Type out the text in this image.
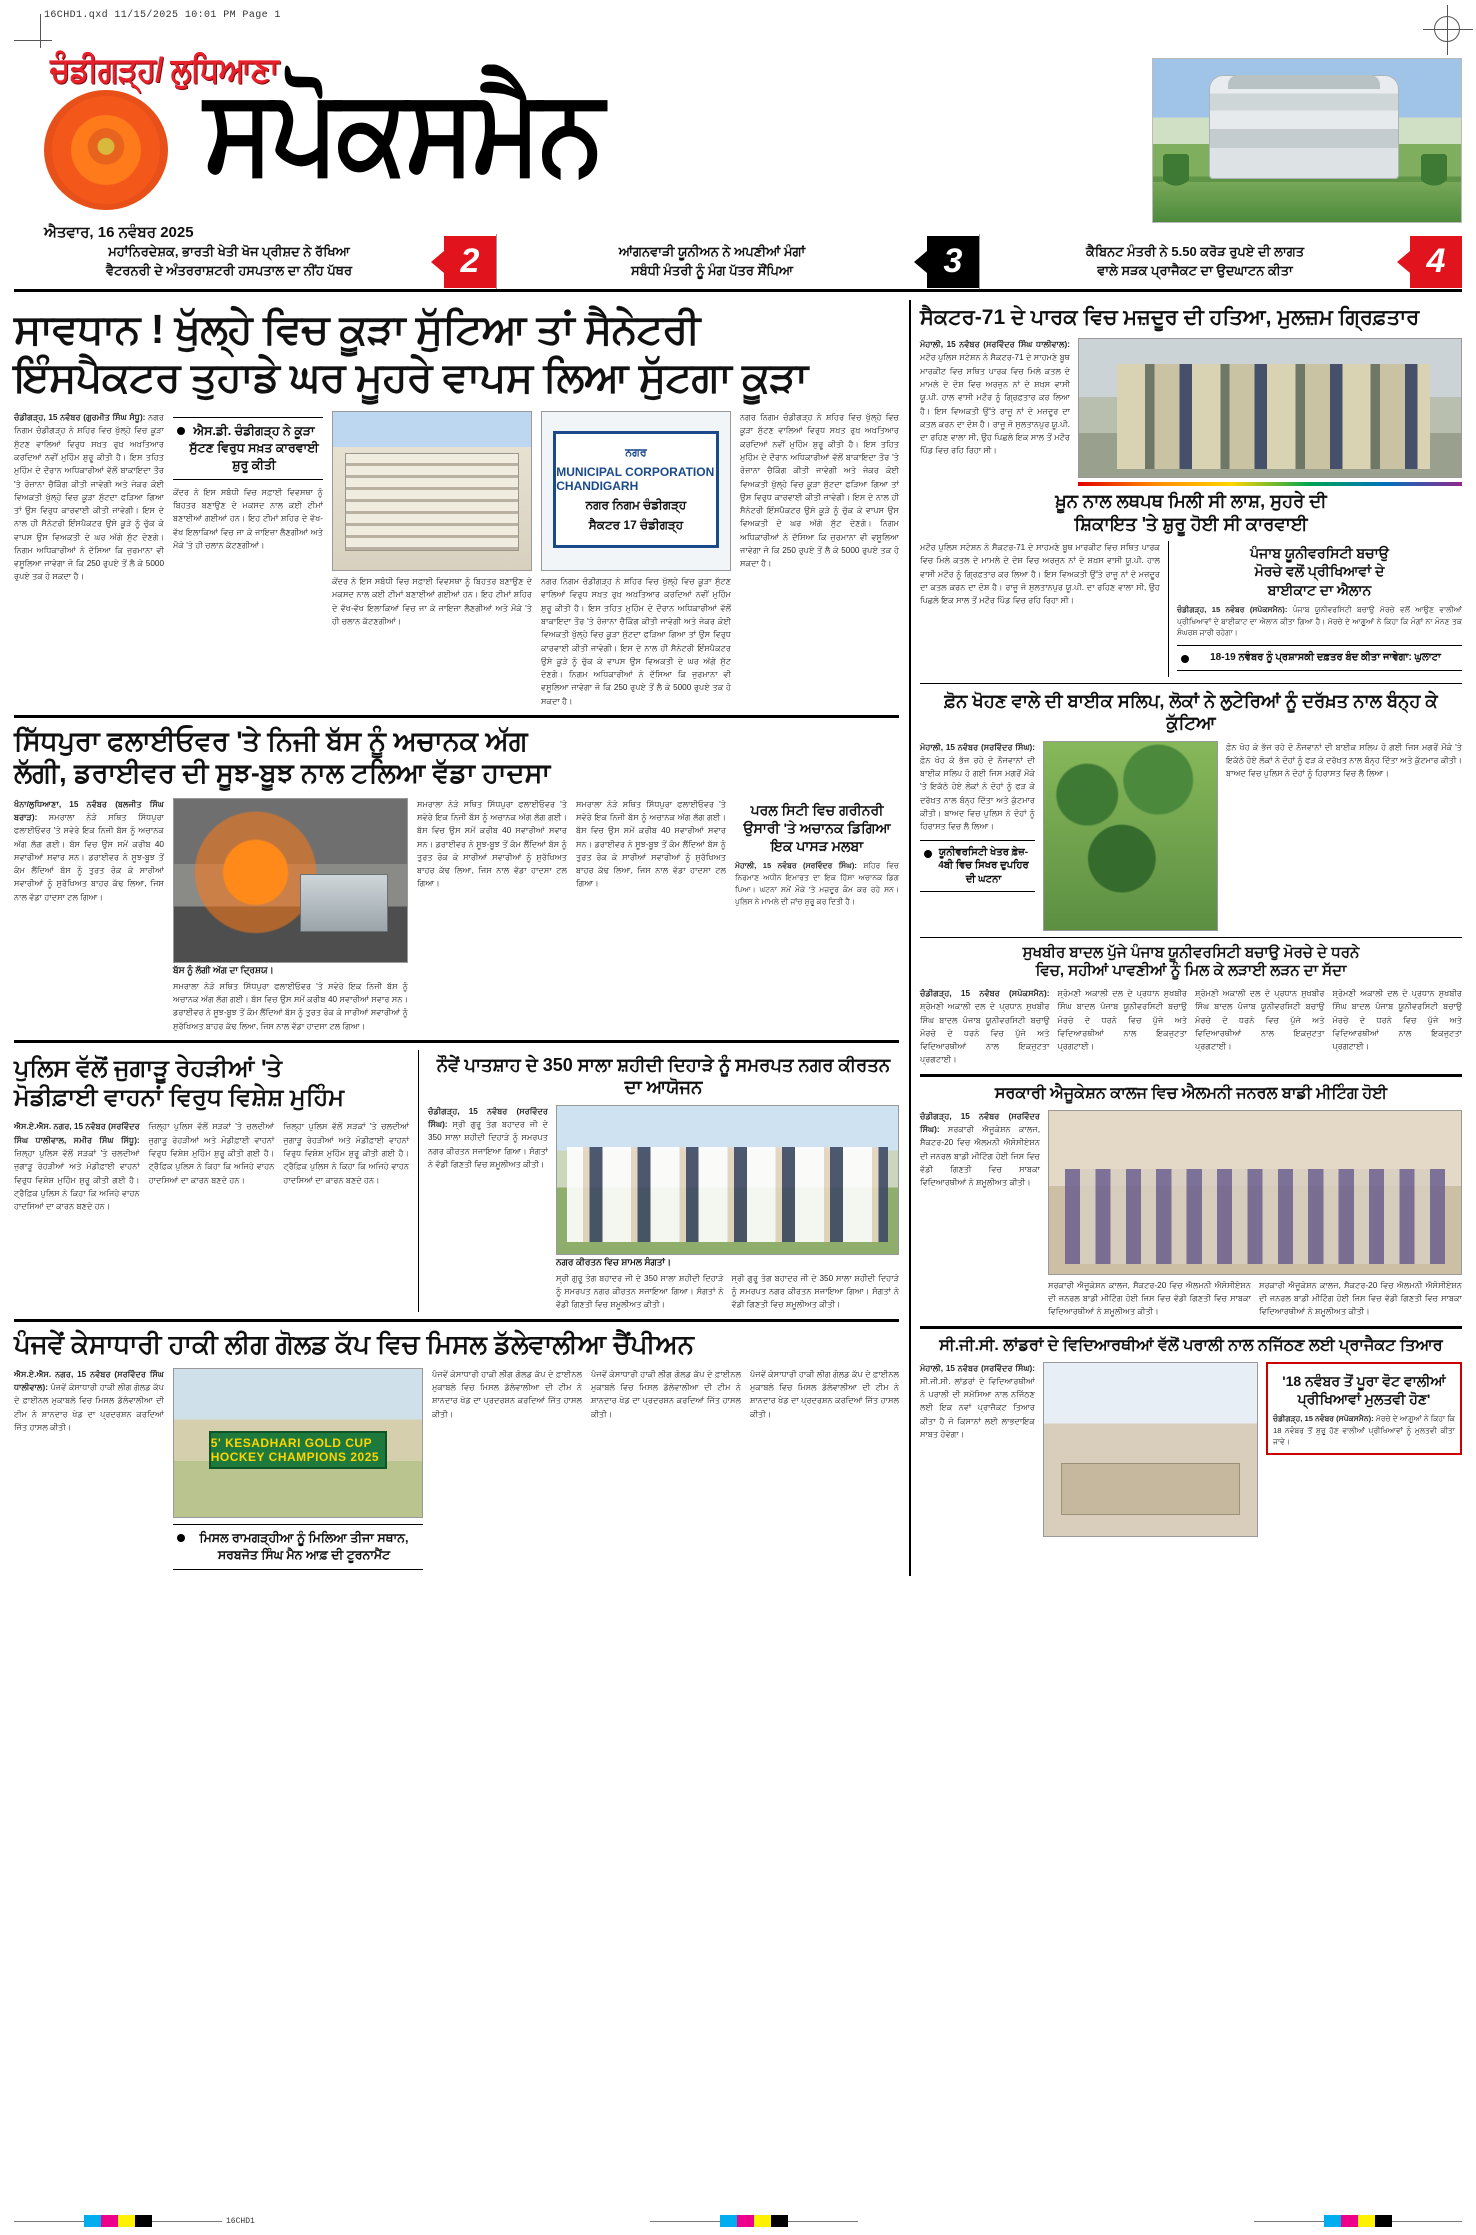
16CHD1.qxd 11/15/2025 10:01 PM Page 1
ਚੰਡੀਗੜ੍ਹ/ ਲੁਧਿਆਣਾ
ਸਪੋਕਸਮੈਨ
ਐਤਵਾਰ, 16 ਨਵੰਬਰ 2025
ਮਹਾਂਨਿਰਦੇਸ਼ਕ, ਭਾਰਤੀ ਖੇਤੀ ਖੋਜ ਪ੍ਰੀਸ਼ਦ ਨੇ ਰੱਖਿਆ
ਵੈਟਰਨਰੀ ਦੇ ਅੰਤਰਰਾਸ਼ਟਰੀ ਹਸਪਤਾਲ ਦਾ ਨੀਂਹ ਪੱਥਰ	2	ਆਂਗਨਵਾੜੀ ਯੂਨੀਅਨ ਨੇ ਅਪਣੀਆਂ ਮੰਗਾਂ
ਸਬੰਧੀ ਮੰਤਰੀ ਨੂੰ ਮੰਗ ਪੱਤਰ ਸੌਂਪਿਆ	3	ਕੈਬਿਨਟ ਮੰਤਰੀ ਨੇ 5.50 ਕਰੋੜ ਰੁਪਏ ਦੀ ਲਾਗਤ
ਵਾਲੇ ਸੜਕ ਪ੍ਰਾਜੈਕਟ ਦਾ ਉਦਘਾਟਨ ਕੀਤਾ	4
ਸਾਵਧਾਨ ! ਖੁੱਲ੍ਹੇ ਵਿਚ ਕੂੜਾ ਸੁੱਟਿਆ ਤਾਂ ਸੈਨੇਟਰੀ
ਇੰਸਪੈਕਟਰ ਤੁਹਾਡੇ ਘਰ ਮੂਹਰੇ ਵਾਪਸ ਲਿਆ ਸੁੱਟਗਾ ਕੂੜਾ
ਚੰਡੀਗੜ੍ਹ, 15 ਨਵੰਬਰ (ਗੁਰਮੀਤ ਸਿੰਘ ਸੰਧੂ): ਨਗਰ ਨਿਗਮ ਚੰਡੀਗੜ੍ਹ ਨੇ ਸ਼ਹਿਰ ਵਿਚ ਖੁੱਲ੍ਹੇ ਵਿਚ ਕੂੜਾ ਸੁੱਟਣ ਵਾਲਿਆਂ ਵਿਰੁਧ ਸਖ਼ਤ ਰੁਖ਼ ਅਖ਼ਤਿਆਰ ਕਰਦਿਆਂ ਨਵੀਂ ਮੁਹਿੰਮ ਸ਼ੁਰੂ ਕੀਤੀ ਹੈ। ਇਸ ਤਹਿਤ ਮੁਹਿੰਮ ਦੇ ਦੌਰਾਨ ਅਧਿਕਾਰੀਆਂ ਵੱਲੋਂ ਬਾਕਾਇਦਾ ਤੌਰ 'ਤੇ ਰੋਜ਼ਾਨਾ ਚੈਕਿੰਗ ਕੀਤੀ ਜਾਵੇਗੀ ਅਤੇ ਜੇਕਰ ਕੋਈ ਵਿਅਕਤੀ ਖੁੱਲ੍ਹੇ ਵਿਚ ਕੂੜਾ ਸੁੱਟਦਾ ਫੜਿਆ ਗਿਆ ਤਾਂ ਉਸ ਵਿਰੁਧ ਕਾਰਵਾਈ ਕੀਤੀ ਜਾਵੇਗੀ। ਇਸ ਦੇ ਨਾਲ ਹੀ ਸੈਨੇਟਰੀ ਇੰਸਪੈਕਟਰ ਉਸੇ ਕੂੜੇ ਨੂੰ ਚੁੱਕ ਕੇ ਵਾਪਸ ਉਸ ਵਿਅਕਤੀ ਦੇ ਘਰ ਅੱਗੇ ਸੁੱਟ ਦੇਣਗੇ। ਨਿਗਮ ਅਧਿਕਾਰੀਆਂ ਨੇ ਦੱਸਿਆ ਕਿ ਜੁਰਮਾਨਾ ਵੀ ਵਸੂਲਿਆ ਜਾਵੇਗਾ ਜੋ ਕਿ 250 ਰੁਪਏ ਤੋਂ ਲੈ ਕੇ 5000 ਰੁਪਏ ਤਕ ਹੋ ਸਕਦਾ ਹੈ।
ਐਸ.ਡੀ. ਚੰਡੀਗੜ੍ਹ ਨੇ ਕੂੜਾ ਸੁੱਟਣ ਵਿਰੁਧ ਸਖ਼ਤ ਕਾਰਵਾਈ ਸ਼ੁਰੂ ਕੀਤੀ
ਕੇਂਦਰ ਨੇ ਇਸ ਸਬੰਧੀ ਵਿਚ ਸਫ਼ਾਈ ਵਿਵਸਥਾ ਨੂੰ ਬਿਹਤਰ ਬਣਾਉਣ ਦੇ ਮਕਸਦ ਨਾਲ ਕਈ ਟੀਮਾਂ ਬਣਾਈਆਂ ਗਈਆਂ ਹਨ। ਇਹ ਟੀਮਾਂ ਸ਼ਹਿਰ ਦੇ ਵੱਖ-ਵੱਖ ਇਲਾਕਿਆਂ ਵਿਚ ਜਾ ਕੇ ਜਾਇਜ਼ਾ ਲੈਣਗੀਆਂ ਅਤੇ ਮੌਕੇ 'ਤੇ ਹੀ ਚਲਾਨ ਕੱਟਣਗੀਆਂ।
ਕੇਂਦਰ ਨੇ ਇਸ ਸਬੰਧੀ ਵਿਚ ਸਫ਼ਾਈ ਵਿਵਸਥਾ ਨੂੰ ਬਿਹਤਰ ਬਣਾਉਣ ਦੇ ਮਕਸਦ ਨਾਲ ਕਈ ਟੀਮਾਂ ਬਣਾਈਆਂ ਗਈਆਂ ਹਨ। ਇਹ ਟੀਮਾਂ ਸ਼ਹਿਰ ਦੇ ਵੱਖ-ਵੱਖ ਇਲਾਕਿਆਂ ਵਿਚ ਜਾ ਕੇ ਜਾਇਜ਼ਾ ਲੈਣਗੀਆਂ ਅਤੇ ਮੌਕੇ 'ਤੇ ਹੀ ਚਲਾਨ ਕੱਟਣਗੀਆਂ।
ਨਗਰ
MUNICIPAL CORPORATION CHANDIGARH
ਨਗਰ ਨਿਗਮ ਚੰਡੀਗੜ੍ਹ
ਸੈਕਟਰ 17 ਚੰਡੀਗੜ੍ਹ
ਨਗਰ ਨਿਗਮ ਚੰਡੀਗੜ੍ਹ ਨੇ ਸ਼ਹਿਰ ਵਿਚ ਖੁੱਲ੍ਹੇ ਵਿਚ ਕੂੜਾ ਸੁੱਟਣ ਵਾਲਿਆਂ ਵਿਰੁਧ ਸਖ਼ਤ ਰੁਖ਼ ਅਖ਼ਤਿਆਰ ਕਰਦਿਆਂ ਨਵੀਂ ਮੁਹਿੰਮ ਸ਼ੁਰੂ ਕੀਤੀ ਹੈ। ਇਸ ਤਹਿਤ ਮੁਹਿੰਮ ਦੇ ਦੌਰਾਨ ਅਧਿਕਾਰੀਆਂ ਵੱਲੋਂ ਬਾਕਾਇਦਾ ਤੌਰ 'ਤੇ ਰੋਜ਼ਾਨਾ ਚੈਕਿੰਗ ਕੀਤੀ ਜਾਵੇਗੀ ਅਤੇ ਜੇਕਰ ਕੋਈ ਵਿਅਕਤੀ ਖੁੱਲ੍ਹੇ ਵਿਚ ਕੂੜਾ ਸੁੱਟਦਾ ਫੜਿਆ ਗਿਆ ਤਾਂ ਉਸ ਵਿਰੁਧ ਕਾਰਵਾਈ ਕੀਤੀ ਜਾਵੇਗੀ। ਇਸ ਦੇ ਨਾਲ ਹੀ ਸੈਨੇਟਰੀ ਇੰਸਪੈਕਟਰ ਉਸੇ ਕੂੜੇ ਨੂੰ ਚੁੱਕ ਕੇ ਵਾਪਸ ਉਸ ਵਿਅਕਤੀ ਦੇ ਘਰ ਅੱਗੇ ਸੁੱਟ ਦੇਣਗੇ। ਨਿਗਮ ਅਧਿਕਾਰੀਆਂ ਨੇ ਦੱਸਿਆ ਕਿ ਜੁਰਮਾਨਾ ਵੀ ਵਸੂਲਿਆ ਜਾਵੇਗਾ ਜੋ ਕਿ 250 ਰੁਪਏ ਤੋਂ ਲੈ ਕੇ 5000 ਰੁਪਏ ਤਕ ਹੋ ਸਕਦਾ ਹੈ।
ਨਗਰ ਨਿਗਮ ਚੰਡੀਗੜ੍ਹ ਨੇ ਸ਼ਹਿਰ ਵਿਚ ਖੁੱਲ੍ਹੇ ਵਿਚ ਕੂੜਾ ਸੁੱਟਣ ਵਾਲਿਆਂ ਵਿਰੁਧ ਸਖ਼ਤ ਰੁਖ਼ ਅਖ਼ਤਿਆਰ ਕਰਦਿਆਂ ਨਵੀਂ ਮੁਹਿੰਮ ਸ਼ੁਰੂ ਕੀਤੀ ਹੈ। ਇਸ ਤਹਿਤ ਮੁਹਿੰਮ ਦੇ ਦੌਰਾਨ ਅਧਿਕਾਰੀਆਂ ਵੱਲੋਂ ਬਾਕਾਇਦਾ ਤੌਰ 'ਤੇ ਰੋਜ਼ਾਨਾ ਚੈਕਿੰਗ ਕੀਤੀ ਜਾਵੇਗੀ ਅਤੇ ਜੇਕਰ ਕੋਈ ਵਿਅਕਤੀ ਖੁੱਲ੍ਹੇ ਵਿਚ ਕੂੜਾ ਸੁੱਟਦਾ ਫੜਿਆ ਗਿਆ ਤਾਂ ਉਸ ਵਿਰੁਧ ਕਾਰਵਾਈ ਕੀਤੀ ਜਾਵੇਗੀ। ਇਸ ਦੇ ਨਾਲ ਹੀ ਸੈਨੇਟਰੀ ਇੰਸਪੈਕਟਰ ਉਸੇ ਕੂੜੇ ਨੂੰ ਚੁੱਕ ਕੇ ਵਾਪਸ ਉਸ ਵਿਅਕਤੀ ਦੇ ਘਰ ਅੱਗੇ ਸੁੱਟ ਦੇਣਗੇ। ਨਿਗਮ ਅਧਿਕਾਰੀਆਂ ਨੇ ਦੱਸਿਆ ਕਿ ਜੁਰਮਾਨਾ ਵੀ ਵਸੂਲਿਆ ਜਾਵੇਗਾ ਜੋ ਕਿ 250 ਰੁਪਏ ਤੋਂ ਲੈ ਕੇ 5000 ਰੁਪਏ ਤਕ ਹੋ ਸਕਦਾ ਹੈ।
ਸਿੱਧਪੁਰਾ ਫਲਾਈਓਵਰ 'ਤੇ ਨਿਜੀ ਬੱਸ ਨੂੰ ਅਚਾਨਕ ਅੱਗ
ਲੱਗੀ, ਡਰਾਈਵਰ ਦੀ ਸੂਝ-ਬੂਝ ਨਾਲ ਟਲਿਆ ਵੱਡਾ ਹਾਦਸਾ
ਖੰਨਾ/ਲੁਧਿਆਣਾ, 15 ਨਵੰਬਰ (ਬਲਜੀਤ ਸਿੰਘ ਬਰਾੜ): ਸਮਰਾਲਾ ਨੇੜੇ ਸਥਿਤ ਸਿੱਧਪੁਰਾ ਫਲਾਈਓਵਰ 'ਤੇ ਸਵੇਰੇ ਇਕ ਨਿਜੀ ਬੱਸ ਨੂੰ ਅਚਾਨਕ ਅੱਗ ਲੱਗ ਗਈ। ਬੱਸ ਵਿਚ ਉਸ ਸਮੇਂ ਕਰੀਬ 40 ਸਵਾਰੀਆਂ ਸਵਾਰ ਸਨ। ਡਰਾਈਵਰ ਨੇ ਸੂਝ-ਬੂਝ ਤੋਂ ਕੰਮ ਲੈਂਦਿਆਂ ਬੱਸ ਨੂੰ ਤੁਰਤ ਰੋਕ ਕੇ ਸਾਰੀਆਂ ਸਵਾਰੀਆਂ ਨੂੰ ਸੁਰੱਖਿਅਤ ਬਾਹਰ ਕੱਢ ਲਿਆ, ਜਿਸ ਨਾਲ ਵੱਡਾ ਹਾਦਸਾ ਟਲ ਗਿਆ।
ਬੱਸ ਨੂੰ ਲੱਗੀ ਅੱਗ ਦਾ ਦ੍ਰਿਸ਼ਯ।
ਸਮਰਾਲਾ ਨੇੜੇ ਸਥਿਤ ਸਿੱਧਪੁਰਾ ਫਲਾਈਓਵਰ 'ਤੇ ਸਵੇਰੇ ਇਕ ਨਿਜੀ ਬੱਸ ਨੂੰ ਅਚਾਨਕ ਅੱਗ ਲੱਗ ਗਈ। ਬੱਸ ਵਿਚ ਉਸ ਸਮੇਂ ਕਰੀਬ 40 ਸਵਾਰੀਆਂ ਸਵਾਰ ਸਨ। ਡਰਾਈਵਰ ਨੇ ਸੂਝ-ਬੂਝ ਤੋਂ ਕੰਮ ਲੈਂਦਿਆਂ ਬੱਸ ਨੂੰ ਤੁਰਤ ਰੋਕ ਕੇ ਸਾਰੀਆਂ ਸਵਾਰੀਆਂ ਨੂੰ ਸੁਰੱਖਿਅਤ ਬਾਹਰ ਕੱਢ ਲਿਆ, ਜਿਸ ਨਾਲ ਵੱਡਾ ਹਾਦਸਾ ਟਲ ਗਿਆ।
ਸਮਰਾਲਾ ਨੇੜੇ ਸਥਿਤ ਸਿੱਧਪੁਰਾ ਫਲਾਈਓਵਰ 'ਤੇ ਸਵੇਰੇ ਇਕ ਨਿਜੀ ਬੱਸ ਨੂੰ ਅਚਾਨਕ ਅੱਗ ਲੱਗ ਗਈ। ਬੱਸ ਵਿਚ ਉਸ ਸਮੇਂ ਕਰੀਬ 40 ਸਵਾਰੀਆਂ ਸਵਾਰ ਸਨ। ਡਰਾਈਵਰ ਨੇ ਸੂਝ-ਬੂਝ ਤੋਂ ਕੰਮ ਲੈਂਦਿਆਂ ਬੱਸ ਨੂੰ ਤੁਰਤ ਰੋਕ ਕੇ ਸਾਰੀਆਂ ਸਵਾਰੀਆਂ ਨੂੰ ਸੁਰੱਖਿਅਤ ਬਾਹਰ ਕੱਢ ਲਿਆ, ਜਿਸ ਨਾਲ ਵੱਡਾ ਹਾਦਸਾ ਟਲ ਗਿਆ।
ਸਮਰਾਲਾ ਨੇੜੇ ਸਥਿਤ ਸਿੱਧਪੁਰਾ ਫਲਾਈਓਵਰ 'ਤੇ ਸਵੇਰੇ ਇਕ ਨਿਜੀ ਬੱਸ ਨੂੰ ਅਚਾਨਕ ਅੱਗ ਲੱਗ ਗਈ। ਬੱਸ ਵਿਚ ਉਸ ਸਮੇਂ ਕਰੀਬ 40 ਸਵਾਰੀਆਂ ਸਵਾਰ ਸਨ। ਡਰਾਈਵਰ ਨੇ ਸੂਝ-ਬੂਝ ਤੋਂ ਕੰਮ ਲੈਂਦਿਆਂ ਬੱਸ ਨੂੰ ਤੁਰਤ ਰੋਕ ਕੇ ਸਾਰੀਆਂ ਸਵਾਰੀਆਂ ਨੂੰ ਸੁਰੱਖਿਅਤ ਬਾਹਰ ਕੱਢ ਲਿਆ, ਜਿਸ ਨਾਲ ਵੱਡਾ ਹਾਦਸਾ ਟਲ ਗਿਆ।
ਪਰਲ ਸਿਟੀ ਵਿਚ ਗਰੀਨਰੀ
ਉਸਾਰੀ 'ਤੇ ਅਚਾਨਕ ਡਿਗਿਆ
ਇਕ ਪਾਸੜ ਮਲਬਾ
ਮੋਹਾਲੀ, 15 ਨਵੰਬਰ (ਸਰਵਿੰਦਰ ਸਿੰਘ): ਸ਼ਹਿਰ ਵਿਚ ਨਿਰਮਾਣ ਅਧੀਨ ਇਮਾਰਤ ਦਾ ਇਕ ਹਿੱਸਾ ਅਚਾਨਕ ਡਿਗ ਪਿਆ। ਘਟਨਾ ਸਮੇਂ ਮੌਕੇ 'ਤੇ ਮਜ਼ਦੂਰ ਕੰਮ ਕਰ ਰਹੇ ਸਨ। ਪੁਲਿਸ ਨੇ ਮਾਮਲੇ ਦੀ ਜਾਂਚ ਸ਼ੁਰੂ ਕਰ ਦਿਤੀ ਹੈ।
ਪੁਲਿਸ ਵੱਲੋਂ ਜੁਗਾੜੂ ਰੇਹੜੀਆਂ 'ਤੇ
ਮੋਡੀਫ਼ਾਈ ਵਾਹਨਾਂ ਵਿਰੁਧ ਵਿਸ਼ੇਸ਼ ਮੁਹਿੰਮ
ਐਸ.ਏ.ਐਸ. ਨਗਰ, 15 ਨਵੰਬਰ (ਸਰਵਿੰਦਰ ਸਿੰਘ ਧਾਲੀਵਾਲ, ਸਮੀਰ ਸਿੰਘ ਸਿੱਧੂ): ਜ਼ਿਲ੍ਹਾ ਪੁਲਿਸ ਵੱਲੋਂ ਸੜਕਾਂ 'ਤੇ ਚਲਦੀਆਂ ਜੁਗਾੜੂ ਰੇਹੜੀਆਂ ਅਤੇ ਮੋਡੀਫ਼ਾਈ ਵਾਹਨਾਂ ਵਿਰੁਧ ਵਿਸ਼ੇਸ਼ ਮੁਹਿੰਮ ਸ਼ੁਰੂ ਕੀਤੀ ਗਈ ਹੈ। ਟ੍ਰੈਫ਼ਿਕ ਪੁਲਿਸ ਨੇ ਕਿਹਾ ਕਿ ਅਜਿਹੇ ਵਾਹਨ ਹਾਦਸਿਆਂ ਦਾ ਕਾਰਨ ਬਣਦੇ ਹਨ।
ਜ਼ਿਲ੍ਹਾ ਪੁਲਿਸ ਵੱਲੋਂ ਸੜਕਾਂ 'ਤੇ ਚਲਦੀਆਂ ਜੁਗਾੜੂ ਰੇਹੜੀਆਂ ਅਤੇ ਮੋਡੀਫ਼ਾਈ ਵਾਹਨਾਂ ਵਿਰੁਧ ਵਿਸ਼ੇਸ਼ ਮੁਹਿੰਮ ਸ਼ੁਰੂ ਕੀਤੀ ਗਈ ਹੈ। ਟ੍ਰੈਫ਼ਿਕ ਪੁਲਿਸ ਨੇ ਕਿਹਾ ਕਿ ਅਜਿਹੇ ਵਾਹਨ ਹਾਦਸਿਆਂ ਦਾ ਕਾਰਨ ਬਣਦੇ ਹਨ।
ਜ਼ਿਲ੍ਹਾ ਪੁਲਿਸ ਵੱਲੋਂ ਸੜਕਾਂ 'ਤੇ ਚਲਦੀਆਂ ਜੁਗਾੜੂ ਰੇਹੜੀਆਂ ਅਤੇ ਮੋਡੀਫ਼ਾਈ ਵਾਹਨਾਂ ਵਿਰੁਧ ਵਿਸ਼ੇਸ਼ ਮੁਹਿੰਮ ਸ਼ੁਰੂ ਕੀਤੀ ਗਈ ਹੈ। ਟ੍ਰੈਫ਼ਿਕ ਪੁਲਿਸ ਨੇ ਕਿਹਾ ਕਿ ਅਜਿਹੇ ਵਾਹਨ ਹਾਦਸਿਆਂ ਦਾ ਕਾਰਨ ਬਣਦੇ ਹਨ।
ਨੌਵੇਂ ਪਾਤਸ਼ਾਹ ਦੇ 350 ਸਾਲਾ ਸ਼ਹੀਦੀ ਦਿਹਾੜੇ ਨੂੰ ਸਮਰਪਤ ਨਗਰ ਕੀਰਤਨ ਦਾ ਆਯੋਜਨ
ਚੰਡੀਗੜ੍ਹ, 15 ਨਵੰਬਰ (ਸਰਵਿੰਦਰ ਸਿੰਘ): ਸ੍ਰੀ ਗੁਰੂ ਤੇਗ ਬਹਾਦਰ ਜੀ ਦੇ 350 ਸਾਲਾ ਸ਼ਹੀਦੀ ਦਿਹਾੜੇ ਨੂੰ ਸਮਰਪਤ ਨਗਰ ਕੀਰਤਨ ਸਜਾਇਆ ਗਿਆ। ਸੰਗਤਾਂ ਨੇ ਵੱਡੀ ਗਿਣਤੀ ਵਿਚ ਸ਼ਮੂਲੀਅਤ ਕੀਤੀ।
ਨਗਰ ਕੀਰਤਨ ਵਿਚ ਸ਼ਾਮਲ ਸੰਗਤਾਂ।
ਸ੍ਰੀ ਗੁਰੂ ਤੇਗ ਬਹਾਦਰ ਜੀ ਦੇ 350 ਸਾਲਾ ਸ਼ਹੀਦੀ ਦਿਹਾੜੇ ਨੂੰ ਸਮਰਪਤ ਨਗਰ ਕੀਰਤਨ ਸਜਾਇਆ ਗਿਆ। ਸੰਗਤਾਂ ਨੇ ਵੱਡੀ ਗਿਣਤੀ ਵਿਚ ਸ਼ਮੂਲੀਅਤ ਕੀਤੀ।
ਸ੍ਰੀ ਗੁਰੂ ਤੇਗ ਬਹਾਦਰ ਜੀ ਦੇ 350 ਸਾਲਾ ਸ਼ਹੀਦੀ ਦਿਹਾੜੇ ਨੂੰ ਸਮਰਪਤ ਨਗਰ ਕੀਰਤਨ ਸਜਾਇਆ ਗਿਆ। ਸੰਗਤਾਂ ਨੇ ਵੱਡੀ ਗਿਣਤੀ ਵਿਚ ਸ਼ਮੂਲੀਅਤ ਕੀਤੀ।
ਪੰਜਵੇਂ ਕੇਸਾਧਾਰੀ ਹਾਕੀ ਲੀਗ ਗੋਲਡ ਕੱਪ ਵਿਚ ਮਿਸਲ ਡੱਲੇਵਾਲੀਆ ਚੈਂਪੀਅਨ
ਐਸ.ਏ.ਐਸ. ਨਗਰ, 15 ਨਵੰਬਰ (ਸਰਵਿੰਦਰ ਸਿੰਘ ਧਾਲੀਵਾਲ): ਪੰਜਵੇਂ ਕੇਸਾਧਾਰੀ ਹਾਕੀ ਲੀਗ ਗੋਲਡ ਕੱਪ ਦੇ ਫ਼ਾਈਨਲ ਮੁਕਾਬਲੇ ਵਿਚ ਮਿਸਲ ਡੱਲੇਵਾਲੀਆ ਦੀ ਟੀਮ ਨੇ ਸ਼ਾਨਦਾਰ ਖੇਡ ਦਾ ਪ੍ਰਦਰਸ਼ਨ ਕਰਦਿਆਂ ਜਿੱਤ ਹਾਸਲ ਕੀਤੀ।
5' KESADHARI GOLD CUP HOCKEY CHAMPIONS 2025
ਮਿਸਲ ਰਾਮਗੜ੍ਹੀਆ ਨੂੰ ਮਿਲਿਆ ਤੀਜਾ ਸਥਾਨ, ਸਰਬਜੋਤ ਸਿੰਘ ਮੈਨ ਆਫ਼ ਦੀ ਟੂਰਨਾਮੈਂਟ
ਪੰਜਵੇਂ ਕੇਸਾਧਾਰੀ ਹਾਕੀ ਲੀਗ ਗੋਲਡ ਕੱਪ ਦੇ ਫ਼ਾਈਨਲ ਮੁਕਾਬਲੇ ਵਿਚ ਮਿਸਲ ਡੱਲੇਵਾਲੀਆ ਦੀ ਟੀਮ ਨੇ ਸ਼ਾਨਦਾਰ ਖੇਡ ਦਾ ਪ੍ਰਦਰਸ਼ਨ ਕਰਦਿਆਂ ਜਿੱਤ ਹਾਸਲ ਕੀਤੀ।
ਪੰਜਵੇਂ ਕੇਸਾਧਾਰੀ ਹਾਕੀ ਲੀਗ ਗੋਲਡ ਕੱਪ ਦੇ ਫ਼ਾਈਨਲ ਮੁਕਾਬਲੇ ਵਿਚ ਮਿਸਲ ਡੱਲੇਵਾਲੀਆ ਦੀ ਟੀਮ ਨੇ ਸ਼ਾਨਦਾਰ ਖੇਡ ਦਾ ਪ੍ਰਦਰਸ਼ਨ ਕਰਦਿਆਂ ਜਿੱਤ ਹਾਸਲ ਕੀਤੀ।
ਪੰਜਵੇਂ ਕੇਸਾਧਾਰੀ ਹਾਕੀ ਲੀਗ ਗੋਲਡ ਕੱਪ ਦੇ ਫ਼ਾਈਨਲ ਮੁਕਾਬਲੇ ਵਿਚ ਮਿਸਲ ਡੱਲੇਵਾਲੀਆ ਦੀ ਟੀਮ ਨੇ ਸ਼ਾਨਦਾਰ ਖੇਡ ਦਾ ਪ੍ਰਦਰਸ਼ਨ ਕਰਦਿਆਂ ਜਿੱਤ ਹਾਸਲ ਕੀਤੀ।
ਸੈਕਟਰ-71 ਦੇ ਪਾਰਕ ਵਿਚ ਮਜ਼ਦੂਰ ਦੀ ਹਤਿਆ, ਮੁਲਜ਼ਮ ਗ੍ਰਿਫ਼ਤਾਰ
ਮੋਹਾਲੀ, 15 ਨਵੰਬਰ (ਸਰਵਿੰਦਰ ਸਿੰਘ ਧਾਲੀਵਾਲ): ਮਟੌਰ ਪੁਲਿਸ ਸਟੇਸ਼ਨ ਨੇ ਸੈਕਟਰ-71 ਦੇ ਸਾਹਮਣੇ ਬੂਥ ਮਾਰਕੀਟ ਵਿਚ ਸਥਿਤ ਪਾਰਕ ਵਿਚ ਮਿਲੇ ਕਤਲ ਦੇ ਮਾਮਲੇ ਦੇ ਦੋਸ਼ ਵਿਚ ਅਰਜੁਨ ਨਾਂ ਦੇ ਸ਼ਖ਼ਸ ਵਾਸੀ ਯੂ.ਪੀ. ਹਾਲ ਵਾਸੀ ਮਟੌਰ ਨੂੰ ਗ੍ਰਿਫ਼ਤਾਰ ਕਰ ਲਿਆ ਹੈ। ਇਸ ਵਿਅਕਤੀ ਉੱਤੇ ਰਾਜੂ ਨਾਂ ਦੇ ਮਜ਼ਦੂਰ ਦਾ ਕਤਲ ਕਰਨ ਦਾ ਦੋਸ਼ ਹੈ। ਰਾਜੂ ਜੋ ਸੁਲਤਾਨਪੁਰ ਯੂ.ਪੀ. ਦਾ ਰਹਿਣ ਵਾਲਾ ਸੀ, ਉਹ ਪਿਛਲੇ ਇਕ ਸਾਲ ਤੋਂ ਮਟੌਰ ਪਿੰਡ ਵਿਚ ਰਹਿ ਰਿਹਾ ਸੀ।
ਖ਼ੂਨ ਨਾਲ ਲਥਪਥ ਮਿਲੀ ਸੀ ਲਾਸ਼, ਸੁਹਰੇ ਦੀ
ਸ਼ਿਕਾਇਤ 'ਤੇ ਸ਼ੁਰੂ ਹੋਈ ਸੀ ਕਾਰਵਾਈ
ਮਟੌਰ ਪੁਲਿਸ ਸਟੇਸ਼ਨ ਨੇ ਸੈਕਟਰ-71 ਦੇ ਸਾਹਮਣੇ ਬੂਥ ਮਾਰਕੀਟ ਵਿਚ ਸਥਿਤ ਪਾਰਕ ਵਿਚ ਮਿਲੇ ਕਤਲ ਦੇ ਮਾਮਲੇ ਦੇ ਦੋਸ਼ ਵਿਚ ਅਰਜੁਨ ਨਾਂ ਦੇ ਸ਼ਖ਼ਸ ਵਾਸੀ ਯੂ.ਪੀ. ਹਾਲ ਵਾਸੀ ਮਟੌਰ ਨੂੰ ਗ੍ਰਿਫ਼ਤਾਰ ਕਰ ਲਿਆ ਹੈ। ਇਸ ਵਿਅਕਤੀ ਉੱਤੇ ਰਾਜੂ ਨਾਂ ਦੇ ਮਜ਼ਦੂਰ ਦਾ ਕਤਲ ਕਰਨ ਦਾ ਦੋਸ਼ ਹੈ। ਰਾਜੂ ਜੋ ਸੁਲਤਾਨਪੁਰ ਯੂ.ਪੀ. ਦਾ ਰਹਿਣ ਵਾਲਾ ਸੀ, ਉਹ ਪਿਛਲੇ ਇਕ ਸਾਲ ਤੋਂ ਮਟੌਰ ਪਿੰਡ ਵਿਚ ਰਹਿ ਰਿਹਾ ਸੀ।
ਪੰਜਾਬ ਯੂਨੀਵਰਸਿਟੀ ਬਚਾਉ
ਮੋਰਚੇ ਵਲੋਂ ਪ੍ਰੀਖਿਆਵਾਂ ਦੇ
ਬਾਈਕਾਟ ਦਾ ਐਲਾਨ
ਚੰਡੀਗੜ੍ਹ, 15 ਨਵੰਬਰ (ਸਪੋਕਸਮੈਨ): ਪੰਜਾਬ ਯੂਨੀਵਰਸਿਟੀ ਬਚਾਉ ਮੋਰਚੇ ਵਲੋਂ ਆਉਣ ਵਾਲੀਆਂ ਪ੍ਰੀਖਿਆਵਾਂ ਦੇ ਬਾਈਕਾਟ ਦਾ ਐਲਾਨ ਕੀਤਾ ਗਿਆ ਹੈ। ਮੋਰਚੇ ਦੇ ਆਗੂਆਂ ਨੇ ਕਿਹਾ ਕਿ ਮੰਗਾਂ ਨਾ ਮੰਨਣ ਤਕ ਸੰਘਰਸ਼ ਜਾਰੀ ਰਹੇਗਾ।
18-19 ਨਵੰਬਰ ਨੂੰ ਪ੍ਰਸ਼ਾਸਕੀ ਦਫ਼ਤਰ ਬੰਦ ਕੀਤਾ ਜਾਵੇਗਾ: ਘੁਲਾਟਾ
ਫ਼ੋਨ ਖੋਹਣ ਵਾਲੇ ਦੀ ਬਾਈਕ ਸਲਿਪ, ਲੋਕਾਂ ਨੇ ਲੁਟੇਰਿਆਂ ਨੂੰ ਦਰੱਖ਼ਤ ਨਾਲ ਬੰਨ੍ਹ ਕੇ ਕੁੱਟਿਆ
ਮੋਹਾਲੀ, 15 ਨਵੰਬਰ (ਸਰਵਿੰਦਰ ਸਿੰਘ): ਫ਼ੋਨ ਖੋਹ ਕੇ ਭੱਜ ਰਹੇ ਦੋ ਨੌਜਵਾਨਾਂ ਦੀ ਬਾਈਕ ਸਲਿਪ ਹੋ ਗਈ ਜਿਸ ਮਗਰੋਂ ਮੌਕੇ 'ਤੇ ਇਕੱਠੇ ਹੋਏ ਲੋਕਾਂ ਨੇ ਦੋਹਾਂ ਨੂੰ ਫੜ ਕੇ ਦਰੱਖ਼ਤ ਨਾਲ ਬੰਨ੍ਹ ਦਿੱਤਾ ਅਤੇ ਕੁੱਟਮਾਰ ਕੀਤੀ। ਬਾਅਦ ਵਿਚ ਪੁਲਿਸ ਨੇ ਦੋਹਾਂ ਨੂੰ ਹਿਰਾਸਤ ਵਿਚ ਲੈ ਲਿਆ।
ਯੂਨੀਵਰਸਿਟੀ ਖੇਤਰ ਫ਼ੇਜ਼- 4ਬੀ ਵਿਚ ਸਿਖਰ ਦੁਪਹਿਰ ਦੀ ਘਟਨਾ
ਫ਼ੋਨ ਖੋਹ ਕੇ ਭੱਜ ਰਹੇ ਦੋ ਨੌਜਵਾਨਾਂ ਦੀ ਬਾਈਕ ਸਲਿਪ ਹੋ ਗਈ ਜਿਸ ਮਗਰੋਂ ਮੌਕੇ 'ਤੇ ਇਕੱਠੇ ਹੋਏ ਲੋਕਾਂ ਨੇ ਦੋਹਾਂ ਨੂੰ ਫੜ ਕੇ ਦਰੱਖ਼ਤ ਨਾਲ ਬੰਨ੍ਹ ਦਿੱਤਾ ਅਤੇ ਕੁੱਟਮਾਰ ਕੀਤੀ। ਬਾਅਦ ਵਿਚ ਪੁਲਿਸ ਨੇ ਦੋਹਾਂ ਨੂੰ ਹਿਰਾਸਤ ਵਿਚ ਲੈ ਲਿਆ।
ਸੁਖਬੀਰ ਬਾਦਲ ਪੁੱਜੇ ਪੰਜਾਬ ਯੂਨੀਵਰਸਿਟੀ ਬਚਾਉ ਮੋਰਚੇ ਦੇ ਧਰਨੇ
ਵਿਚ, ਸਹੀਆਂ ਪਾਵਣੀਆਂ ਨੂੰ ਮਿਲ ਕੇ ਲੜਾਈ ਲੜਨ ਦਾ ਸੱਦਾ
ਚੰਡੀਗੜ੍ਹ, 15 ਨਵੰਬਰ (ਸਪੋਕਸਮੈਨ): ਸ਼੍ਰੋਮਣੀ ਅਕਾਲੀ ਦਲ ਦੇ ਪ੍ਰਧਾਨ ਸੁਖਬੀਰ ਸਿੰਘ ਬਾਦਲ ਪੰਜਾਬ ਯੂਨੀਵਰਸਿਟੀ ਬਚਾਉ ਮੋਰਚੇ ਦੇ ਧਰਨੇ ਵਿਚ ਪੁੱਜੇ ਅਤੇ ਵਿਦਿਆਰਥੀਆਂ ਨਾਲ ਇਕਜੁਟਤਾ ਪ੍ਰਗਟਾਈ।
ਸ਼੍ਰੋਮਣੀ ਅਕਾਲੀ ਦਲ ਦੇ ਪ੍ਰਧਾਨ ਸੁਖਬੀਰ ਸਿੰਘ ਬਾਦਲ ਪੰਜਾਬ ਯੂਨੀਵਰਸਿਟੀ ਬਚਾਉ ਮੋਰਚੇ ਦੇ ਧਰਨੇ ਵਿਚ ਪੁੱਜੇ ਅਤੇ ਵਿਦਿਆਰਥੀਆਂ ਨਾਲ ਇਕਜੁਟਤਾ ਪ੍ਰਗਟਾਈ।
ਸ਼੍ਰੋਮਣੀ ਅਕਾਲੀ ਦਲ ਦੇ ਪ੍ਰਧਾਨ ਸੁਖਬੀਰ ਸਿੰਘ ਬਾਦਲ ਪੰਜਾਬ ਯੂਨੀਵਰਸਿਟੀ ਬਚਾਉ ਮੋਰਚੇ ਦੇ ਧਰਨੇ ਵਿਚ ਪੁੱਜੇ ਅਤੇ ਵਿਦਿਆਰਥੀਆਂ ਨਾਲ ਇਕਜੁਟਤਾ ਪ੍ਰਗਟਾਈ।
ਸ਼੍ਰੋਮਣੀ ਅਕਾਲੀ ਦਲ ਦੇ ਪ੍ਰਧਾਨ ਸੁਖਬੀਰ ਸਿੰਘ ਬਾਦਲ ਪੰਜਾਬ ਯੂਨੀਵਰਸਿਟੀ ਬਚਾਉ ਮੋਰਚੇ ਦੇ ਧਰਨੇ ਵਿਚ ਪੁੱਜੇ ਅਤੇ ਵਿਦਿਆਰਥੀਆਂ ਨਾਲ ਇਕਜੁਟਤਾ ਪ੍ਰਗਟਾਈ।
ਸਰਕਾਰੀ ਐਜੂਕੇਸ਼ਨ ਕਾਲਜ ਵਿਚ ਐਲਮਨੀ ਜਨਰਲ ਬਾਡੀ ਮੀਟਿੰਗ ਹੋਈ
ਚੰਡੀਗੜ੍ਹ, 15 ਨਵੰਬਰ (ਸਰਵਿੰਦਰ ਸਿੰਘ): ਸਰਕਾਰੀ ਐਜੂਕੇਸ਼ਨ ਕਾਲਜ, ਸੈਕਟਰ-20 ਵਿਚ ਐਲਮਨੀ ਐਸੋਸੀਏਸ਼ਨ ਦੀ ਜਨਰਲ ਬਾਡੀ ਮੀਟਿੰਗ ਹੋਈ ਜਿਸ ਵਿਚ ਵੱਡੀ ਗਿਣਤੀ ਵਿਚ ਸਾਬਕਾ ਵਿਦਿਆਰਥੀਆਂ ਨੇ ਸ਼ਮੂਲੀਅਤ ਕੀਤੀ।
ਸਰਕਾਰੀ ਐਜੂਕੇਸ਼ਨ ਕਾਲਜ, ਸੈਕਟਰ-20 ਵਿਚ ਐਲਮਨੀ ਐਸੋਸੀਏਸ਼ਨ ਦੀ ਜਨਰਲ ਬਾਡੀ ਮੀਟਿੰਗ ਹੋਈ ਜਿਸ ਵਿਚ ਵੱਡੀ ਗਿਣਤੀ ਵਿਚ ਸਾਬਕਾ ਵਿਦਿਆਰਥੀਆਂ ਨੇ ਸ਼ਮੂਲੀਅਤ ਕੀਤੀ।
ਸਰਕਾਰੀ ਐਜੂਕੇਸ਼ਨ ਕਾਲਜ, ਸੈਕਟਰ-20 ਵਿਚ ਐਲਮਨੀ ਐਸੋਸੀਏਸ਼ਨ ਦੀ ਜਨਰਲ ਬਾਡੀ ਮੀਟਿੰਗ ਹੋਈ ਜਿਸ ਵਿਚ ਵੱਡੀ ਗਿਣਤੀ ਵਿਚ ਸਾਬਕਾ ਵਿਦਿਆਰਥੀਆਂ ਨੇ ਸ਼ਮੂਲੀਅਤ ਕੀਤੀ।
ਸੀ.ਜੀ.ਸੀ. ਲਾਂਡਰਾਂ ਦੇ ਵਿਦਿਆਰਥੀਆਂ ਵੱਲੋਂ ਪਰਾਲੀ ਨਾਲ ਨਜਿੱਠਣ ਲਈ ਪ੍ਰਾਜੈਕਟ ਤਿਆਰ
ਮੋਹਾਲੀ, 15 ਨਵੰਬਰ (ਸਰਵਿੰਦਰ ਸਿੰਘ): ਸੀ.ਜੀ.ਸੀ. ਲਾਂਡਰਾਂ ਦੇ ਵਿਦਿਆਰਥੀਆਂ ਨੇ ਪਰਾਲੀ ਦੀ ਸਮੱਸਿਆ ਨਾਲ ਨਜਿੱਠਣ ਲਈ ਇਕ ਨਵਾਂ ਪ੍ਰਾਜੈਕਟ ਤਿਆਰ ਕੀਤਾ ਹੈ ਜੋ ਕਿਸਾਨਾਂ ਲਈ ਲਾਭਦਾਇਕ ਸਾਬਤ ਹੋਵੇਗਾ।
'18 ਨਵੰਬਰ ਤੋਂ ਪੂਰਾ ਵੋਟ ਵਾਲੀਆਂ
ਪ੍ਰੀਖਿਆਵਾਂ ਮੁਲਤਵੀ ਹੋਣ'
ਚੰਡੀਗੜ੍ਹ, 15 ਨਵੰਬਰ (ਸਪੋਕਸਮੈਨ): ਮੋਰਚੇ ਦੇ ਆਗੂਆਂ ਨੇ ਕਿਹਾ ਕਿ 18 ਨਵੰਬਰ ਤੋਂ ਸ਼ੁਰੂ ਹੋਣ ਵਾਲੀਆਂ ਪ੍ਰੀਖਿਆਵਾਂ ਨੂੰ ਮੁਲਤਵੀ ਕੀਤਾ ਜਾਵੇ।
16CHD1
